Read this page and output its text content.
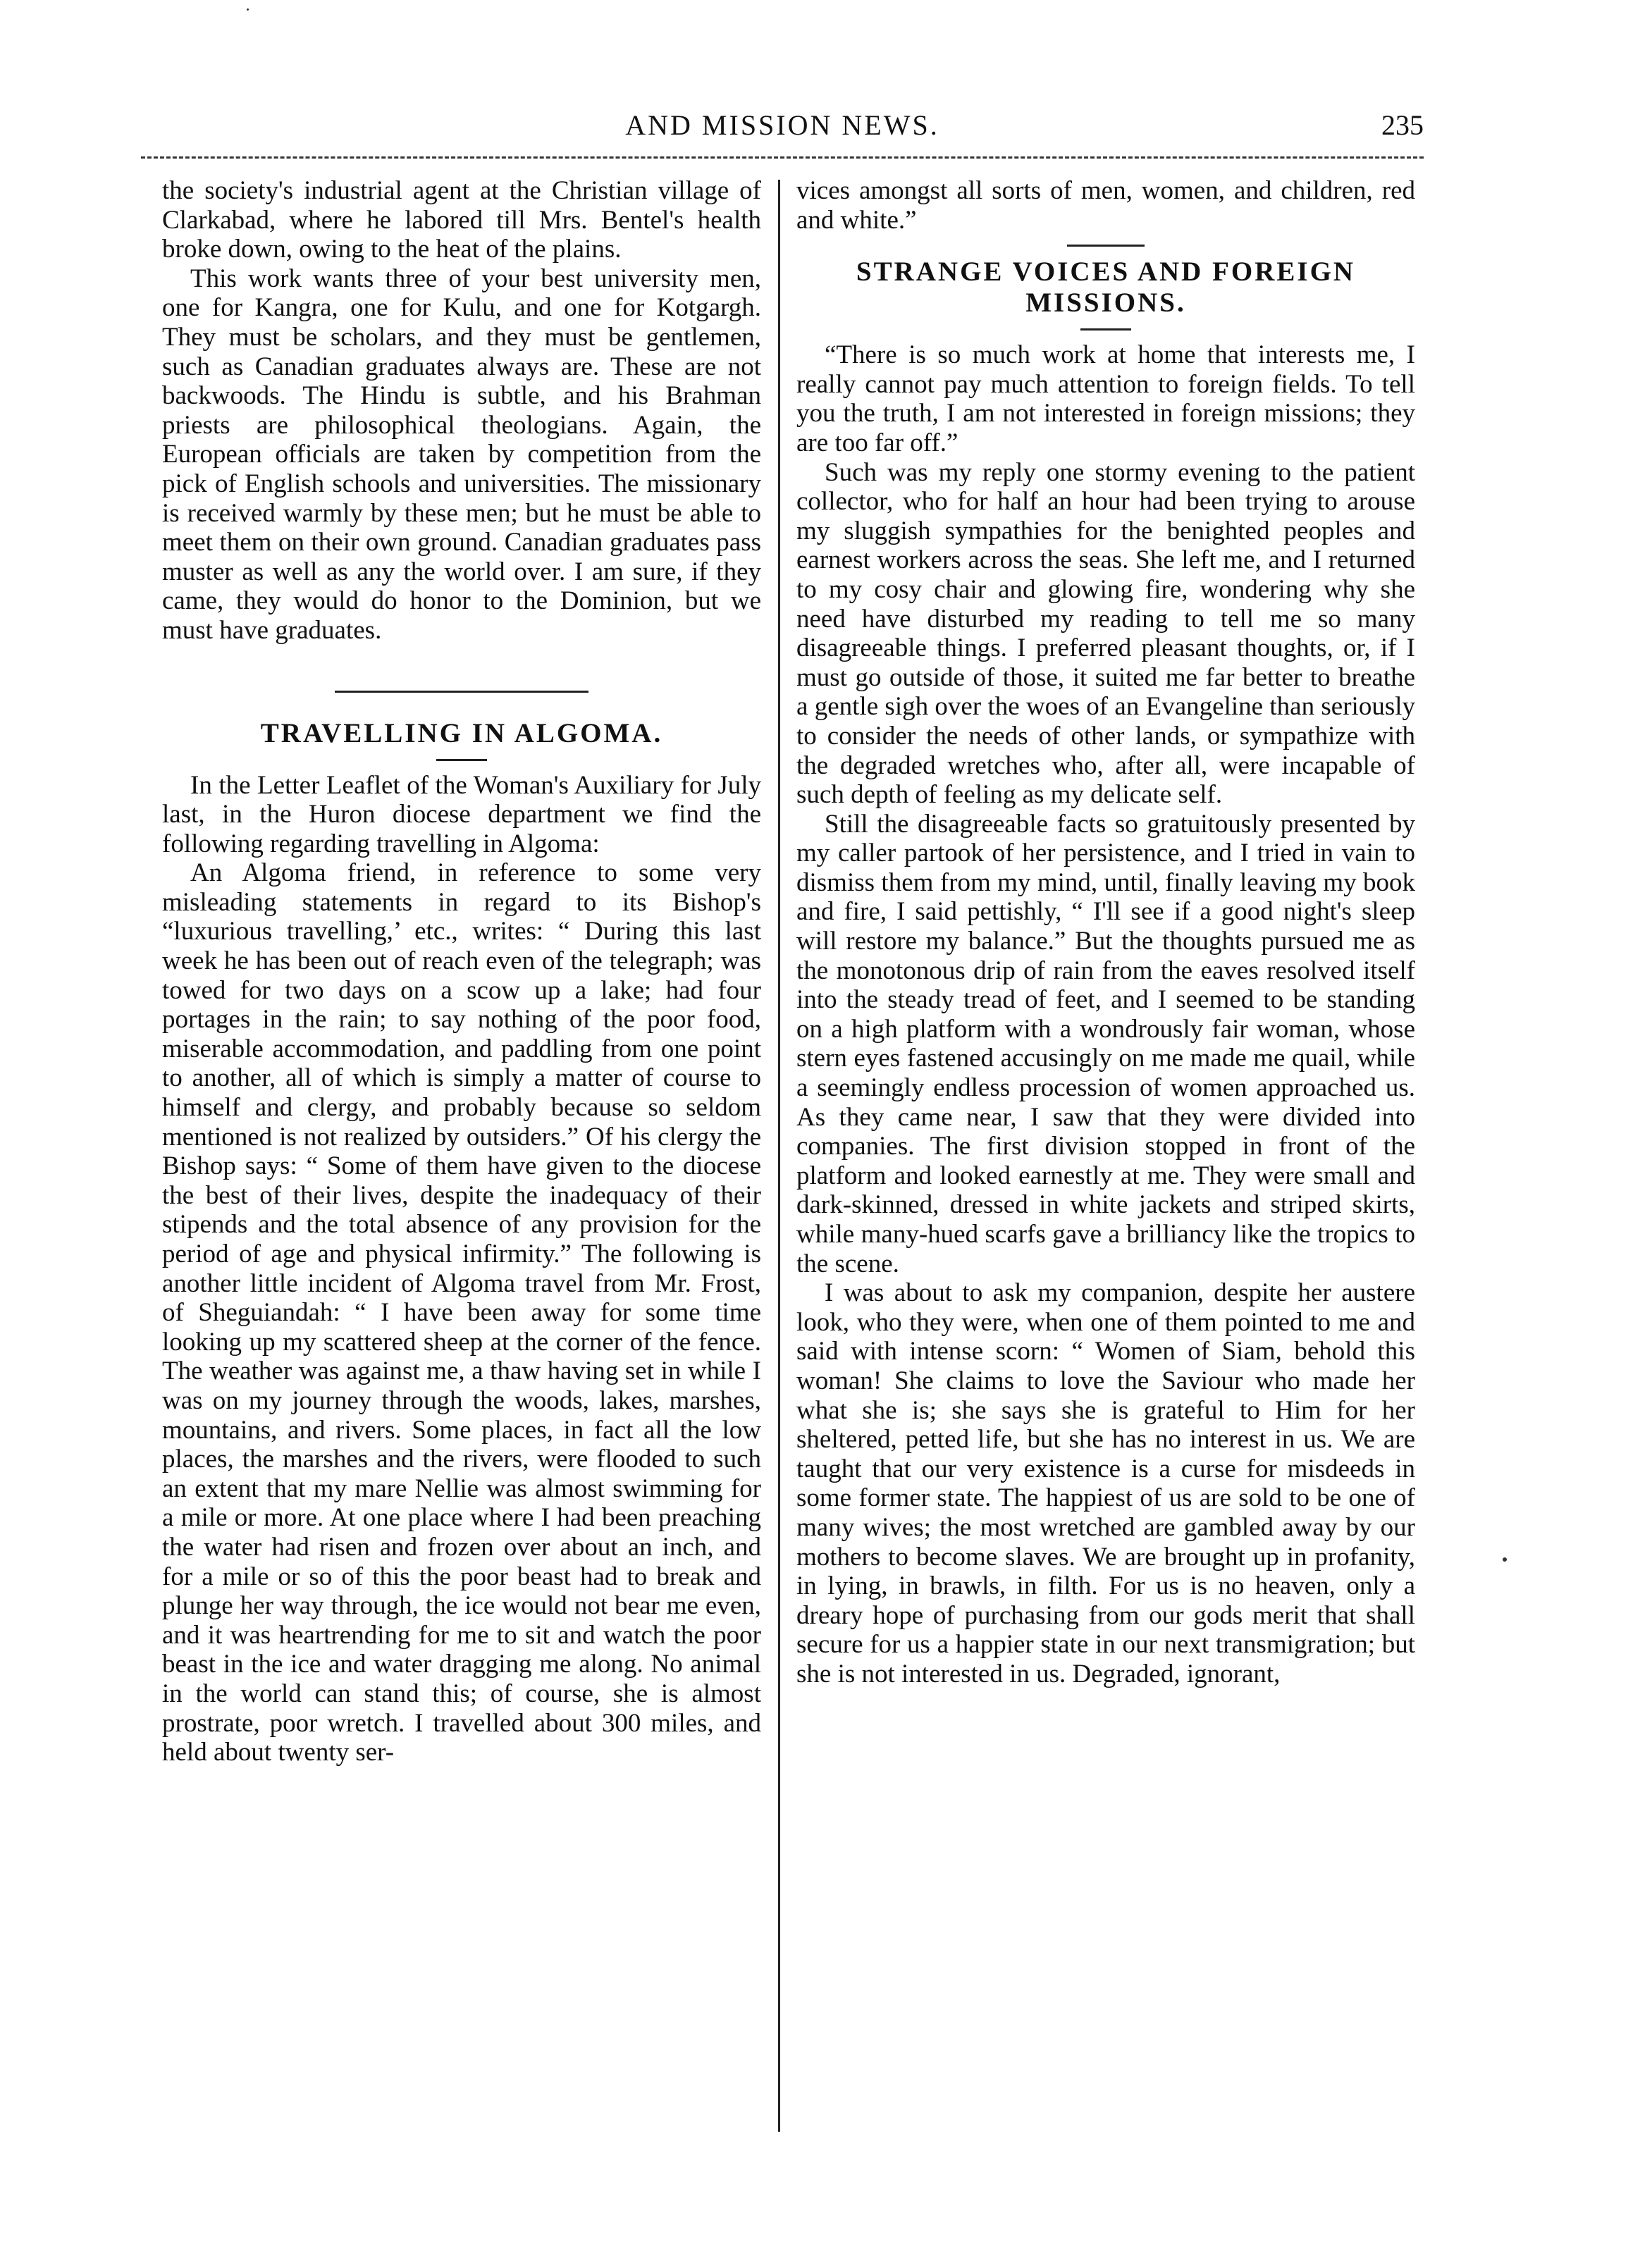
AND MISSION NEWS.	235

the society's industrial agent at the Christian village of Clarkabad, where he labored till Mrs. Bentel's health broke down, owing to the heat of the plains.

This work wants three of your best university men, one for Kangra, one for Kulu, and one for Kotgargh. They must be scholars, and they must be gentlemen, such as Canadian graduates always are. These are not backwoods. The Hindu is subtle, and his Brahman priests are philosophical theologians. Again, the European officials are taken by competition from the pick of English schools and universities. The missionary is received warmly by these men; but he must be able to meet them on their own ground. Canadian graduates pass muster as well as any the world over. I am sure, if they came, they would do honor to the Dominion, but we must have graduates.

TRAVELLING IN ALGOMA.

In the Letter Leaflet of the Woman's Auxiliary for July last, in the Huron diocese department we find the following regarding travelling in Algoma:

An Algoma friend, in reference to some very misleading statements in regard to its Bishop's “luxurious travelling,’ etc., writes: “ During this last week he has been out of reach even of the telegraph; was towed for two days on a scow up a lake; had four portages in the rain; to say nothing of the poor food, miserable accommodation, and paddling from one point to another, all of which is simply a matter of course to himself and clergy, and probably because so seldom mentioned is not realized by outsiders.” Of his clergy the Bishop says: “ Some of them have given to the diocese the best of their lives, despite the inadequacy of their stipends and the total absence of any provision for the period of age and physical infirmity.” The following is another little incident of Algoma travel from Mr. Frost, of Sheguiandah: “ I have been away for some time looking up my scattered sheep at the corner of the fence. The weather was against me, a thaw having set in while I was on my journey through the woods, lakes, marshes, mountains, and rivers. Some places, in fact all the low places, the marshes and the rivers, were flooded to such an extent that my mare Nellie was almost swimming for a mile or more. At one place where I had been preaching the water had risen and frozen over about an inch, and for a mile or so of this the poor beast had to break and plunge her way through, the ice would not bear me even, and it was heartrending for me to sit and watch the poor beast in the ice and water dragging me along. No animal in the world can stand this; of course, she is almost prostrate, poor wretch. I travelled about 300 miles, and held about twenty ser-

vices amongst all sorts of men, women, and children, red and white.”

STRANGE VOICES AND FOREIGN MISSIONS.

“There is so much work at home that interests me, I really cannot pay much attention to foreign fields. To tell you the truth, I am not interested in foreign missions; they are too far off.”

Such was my reply one stormy evening to the patient collector, who for half an hour had been trying to arouse my sluggish sympathies for the benighted peoples and earnest workers across the seas. She left me, and I returned to my cosy chair and glowing fire, wondering why she need have disturbed my reading to tell me so many disagreeable things. I preferred pleasant thoughts, or, if I must go outside of those, it suited me far better to breathe a gentle sigh over the woes of an Evangeline than seriously to consider the needs of other lands, or sympathize with the degraded wretches who, after all, were incapable of such depth of feeling as my delicate self.

Still the disagreeable facts so gratuitously presented by my caller partook of her persistence, and I tried in vain to dismiss them from my mind, until, finally leaving my book and fire, I said pettishly, “ I'll see if a good night's sleep will restore my balance.” But the thoughts pursued me as the monotonous drip of rain from the eaves resolved itself into the steady tread of feet, and I seemed to be standing on a high platform with a wondrously fair woman, whose stern eyes fastened accusingly on me made me quail, while a seemingly endless procession of women approached us. As they came near, I saw that they were divided into companies. The first division stopped in front of the platform and looked earnestly at me. They were small and dark-skinned, dressed in white jackets and striped skirts, while many-hued scarfs gave a brilliancy like the tropics to the scene.

I was about to ask my companion, despite her austere look, who they were, when one of them pointed to me and said with intense scorn: “ Women of Siam, behold this woman! She claims to love the Saviour who made her what she is; she says she is grateful to Him for her sheltered, petted life, but she has no interest in us. We are taught that our very existence is a curse for misdeeds in some former state. The happiest of us are sold to be one of many wives; the most wretched are gambled away by our mothers to become slaves. We are brought up in profanity, in lying, in brawls, in filth. For us is no heaven, only a dreary hope of purchasing from our gods merit that shall secure for us a happier state in our next transmigration; but she is not interested in us. Degraded, ignorant,
